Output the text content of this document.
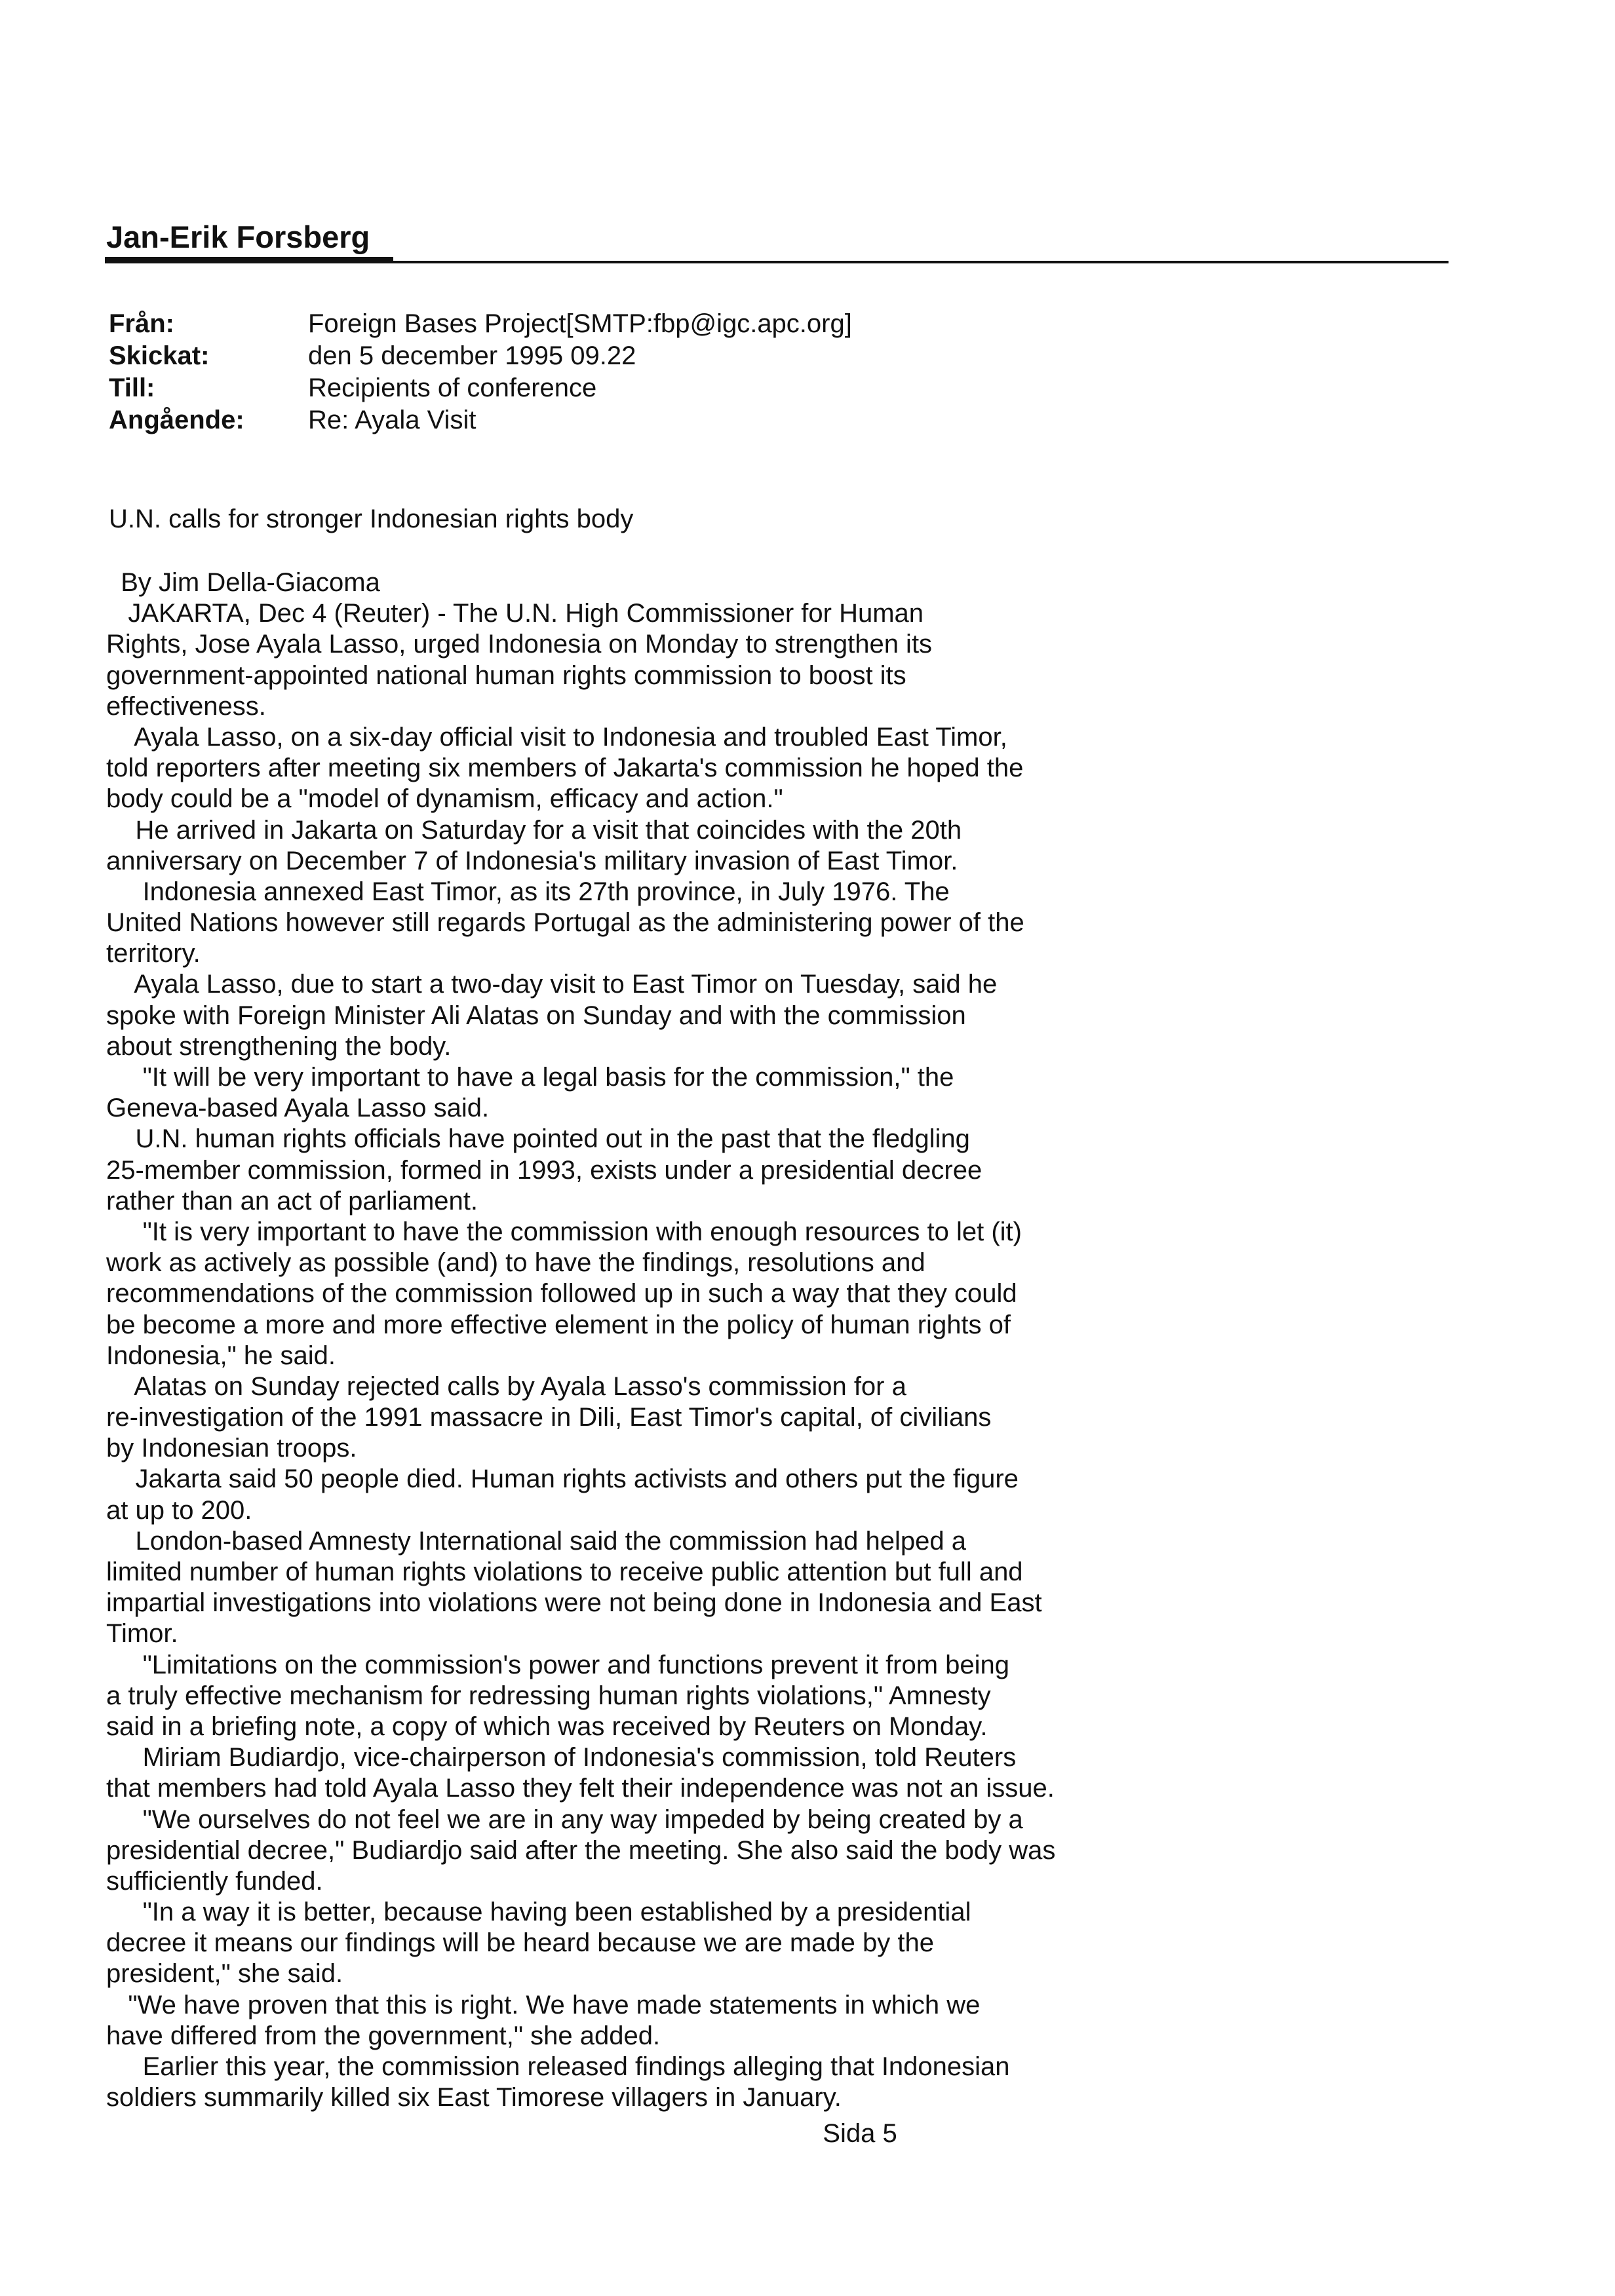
Jan-Erik Forsberg
Från:	Foreign Bases Project[SMTP:fbp@igc.apc.org]
Skickat:	den 5 december 1995 09.22
Till:	Recipients of conference
Angående:	Re: Ayala Visit
U.N. calls for stronger Indonesian rights body
By Jim Della-Giacoma
JAKARTA, Dec 4 (Reuter) - The U.N. High Commissioner for Human
Rights, Jose Ayala Lasso, urged Indonesia on Monday to strengthen its
government-appointed national human rights commission to boost its
effectiveness.
Ayala Lasso, on a six-day official visit to Indonesia and troubled East Timor,
told reporters after meeting six members of Jakarta's commission he hoped the
body could be a "model of dynamism, efficacy and action."
He arrived in Jakarta on Saturday for a visit that coincides with the 20th
anniversary on December 7 of Indonesia's military invasion of East Timor.
Indonesia annexed East Timor, as its 27th province, in July 1976. The
United Nations however still regards Portugal as the administering power of the
territory.
Ayala Lasso, due to start a two-day visit to East Timor on Tuesday, said he
spoke with Foreign Minister Ali Alatas on Sunday and with the commission
about strengthening the body.
"It will be very important to have a legal basis for the commission," the
Geneva-based Ayala Lasso said.
U.N. human rights officials have pointed out in the past that the fledgling
25-member commission, formed in 1993, exists under a presidential decree
rather than an act of parliament.
"It is very important to have the commission with enough resources to let (it)
work as actively as possible (and) to have the findings, resolutions and
recommendations of the commission followed up in such a way that they could
be become a more and more effective element in the policy of human rights of
Indonesia," he said.
Alatas on Sunday rejected calls by Ayala Lasso's commission for a
re-investigation of the 1991 massacre in Dili, East Timor's capital, of civilians
by Indonesian troops.
Jakarta said 50 people died. Human rights activists and others put the figure
at up to 200.
London-based Amnesty International said the commission had helped a
limited number of human rights violations to receive public attention but full and
impartial investigations into violations were not being done in Indonesia and East
Timor.
"Limitations on the commission's power and functions prevent it from being
a truly effective mechanism for redressing human rights violations," Amnesty
said in a briefing note, a copy of which was received by Reuters on Monday.
Miriam Budiardjo, vice-chairperson of Indonesia's commission, told Reuters
that members had told Ayala Lasso they felt their independence was not an issue.
"We ourselves do not feel we are in any way impeded by being created by a
presidential decree," Budiardjo said after the meeting. She also said the body was
sufficiently funded.
"In a way it is better, because having been established by a presidential
decree it means our findings will be heard because we are made by the
president," she said.
"We have proven that this is right. We have made statements in which we
have differed from the government," she added.
Earlier this year, the commission released findings alleging that Indonesian
soldiers summarily killed six East Timorese villagers in January.
Sida 5
